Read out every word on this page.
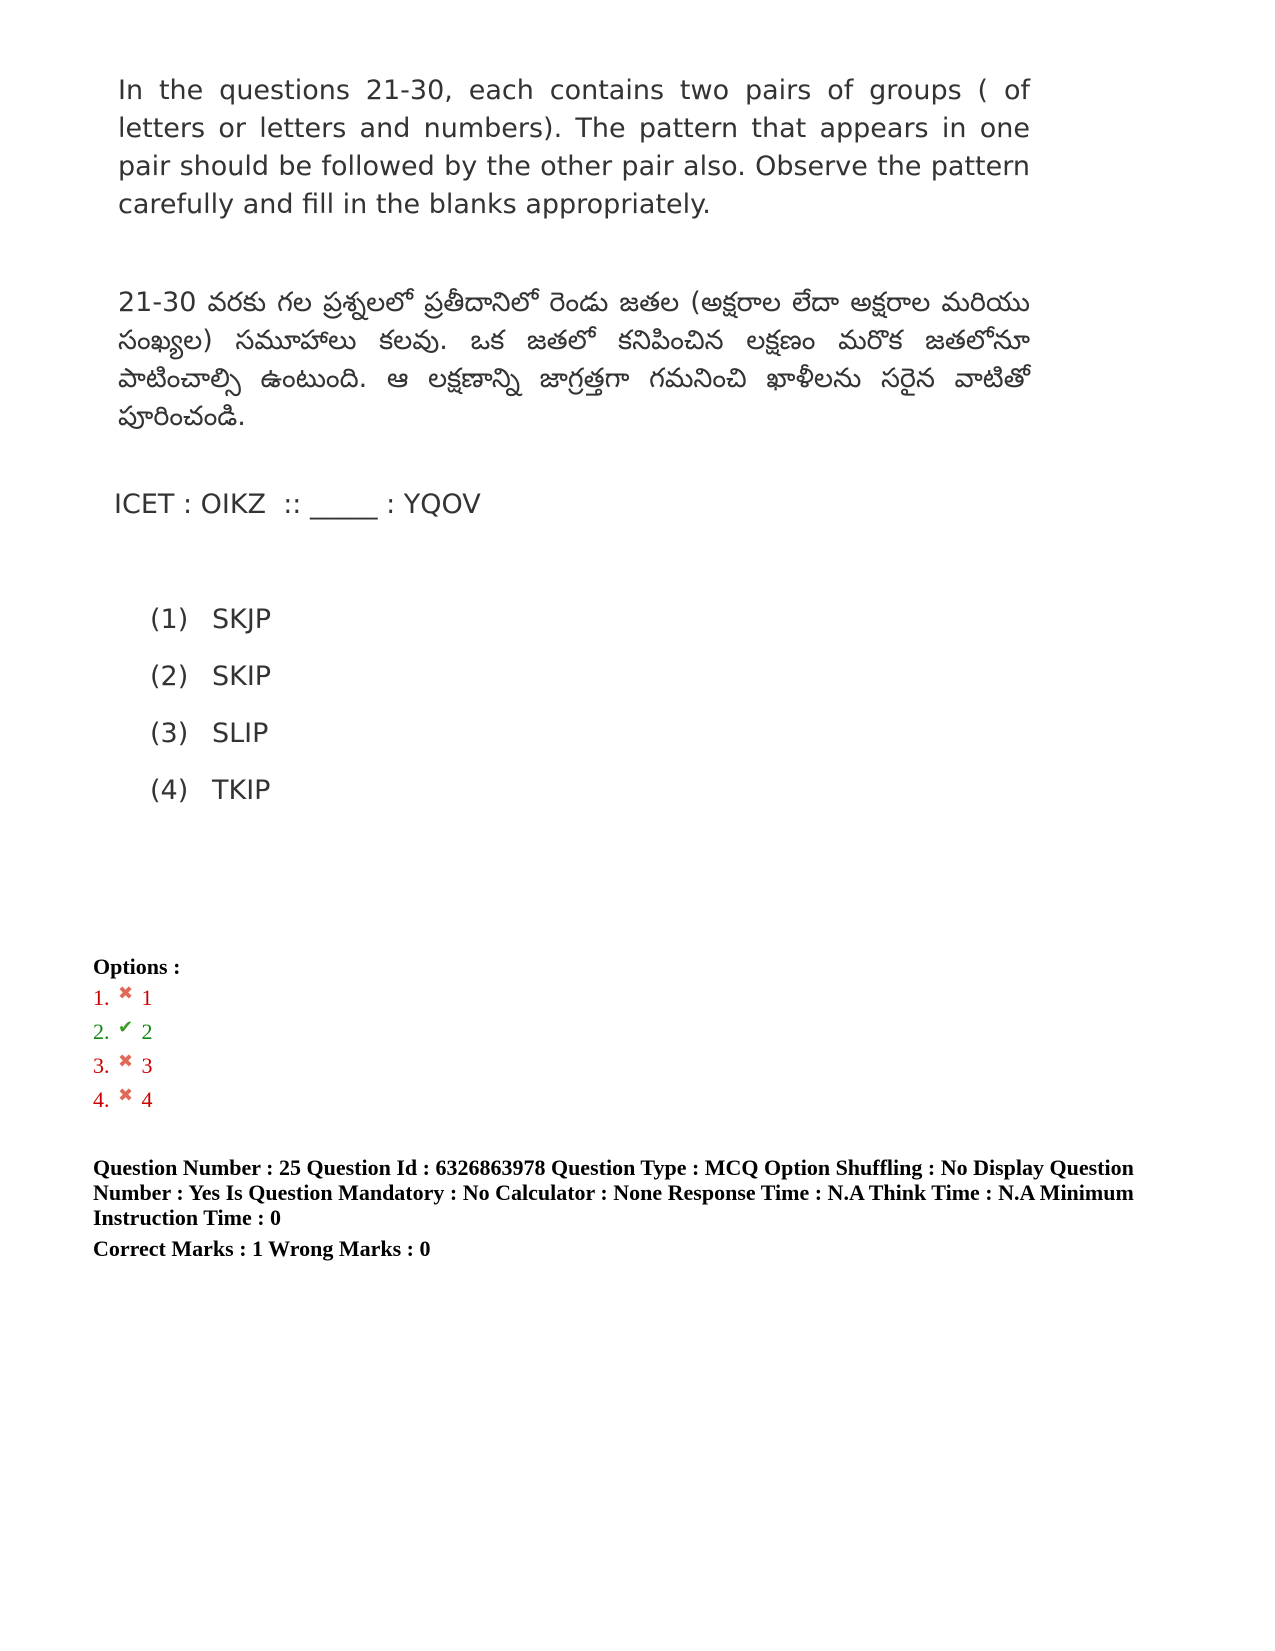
In the questions 21-30, each contains two pairs of groups ( of letters or letters and numbers). The pattern that appears in one pair should be followed by the other pair also. Observe the pattern carefully and fill in the blanks appropriately.

21-30 వరకు గల ప్రశ్నలలో ప్రతీదానిలో రెండు జతల (అక్షరాల లేదా అక్షరాల మరియు సంఖ్యల) సమూహాలు కలవు. ఒక జతలో కనిపించిన లక్షణం మరొక జతలోనూ పాటించాల్సి ఉంటుంది. ఆ లక్షణాన్ని జాగ్రత్తగా గమనించి ఖాళీలను సరైన వాటితో పూరించండి.

ICET : OIKZ  :: _____ : YQOV
(1) SKJP
(2) SKIP
(3) SLIP
(4) TKIP
Options :
1. ✖ 1
2. ✔ 2
3. ✖ 3
4. ✖ 4
Question Number : 25 Question Id : 6326863978 Question Type : MCQ Option Shuffling : No Display Question Number : Yes Is Question Mandatory : No Calculator : None Response Time : N.A Think Time : N.A Minimum Instruction Time : 0
Correct Marks : 1 Wrong Marks : 0
